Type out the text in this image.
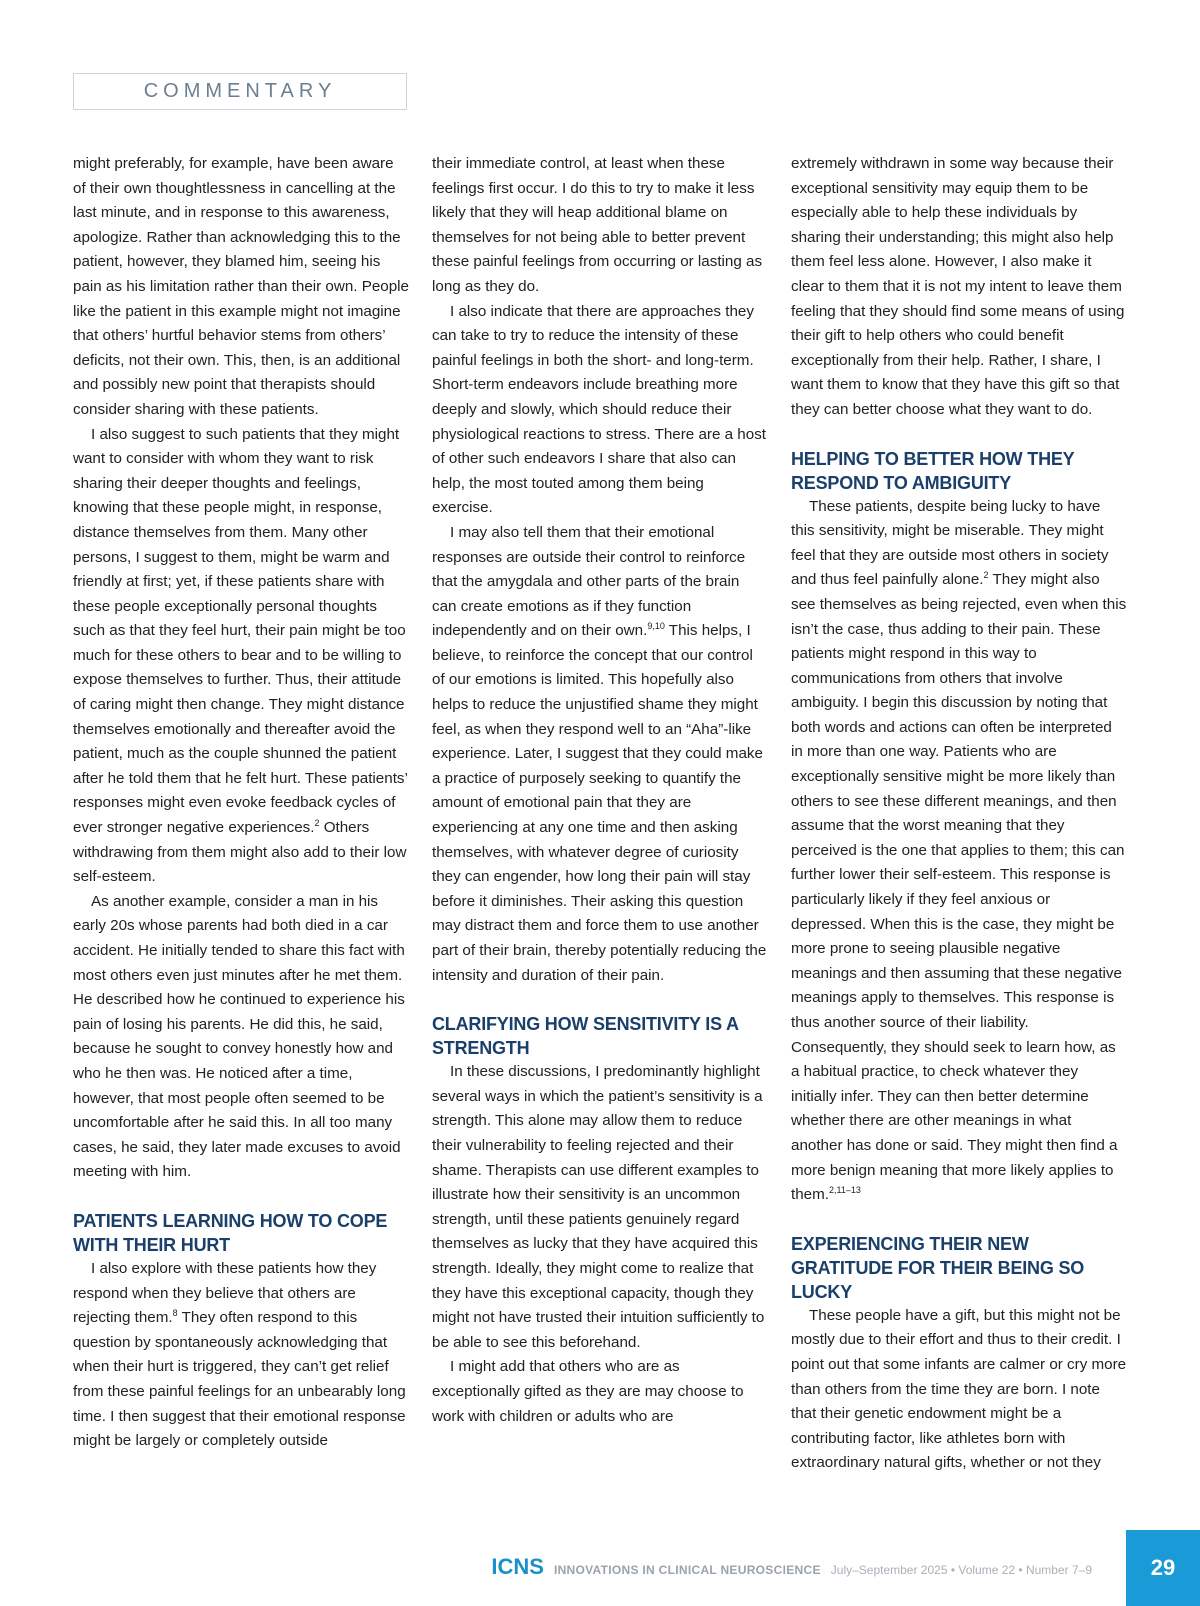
COMMENTARY

might preferably, for example, have been aware of their own thoughtlessness in cancelling at the last minute, and in response to this awareness, apologize. Rather than acknowledging this to the patient, however, they blamed him, seeing his pain as his limitation rather than their own. People like the patient in this example might not imagine that others’ hurtful behavior stems from others’ deficits, not their own. This, then, is an additional and possibly new point that therapists should consider sharing with these patients.

I also suggest to such patients that they might want to consider with whom they want to risk sharing their deeper thoughts and feelings, knowing that these people might, in response, distance themselves from them. Many other persons, I suggest to them, might be warm and friendly at first; yet, if these patients share with these people exceptionally personal thoughts such as that they feel hurt, their pain might be too much for these others to bear and to be willing to expose themselves to further. Thus, their attitude of caring might then change. They might distance themselves emotionally and thereafter avoid the patient, much as the couple shunned the patient after he told them that he felt hurt. These patients’ responses might even evoke feedback cycles of ever stronger negative experiences.$^2$ Others withdrawing from them might also add to their low self-esteem.

As another example, consider a man in his early 20s whose parents had both died in a car accident. He initially tended to share this fact with most others even just minutes after he met them. He described how he continued to experience his pain of losing his parents. He did this, he said, because he sought to convey honestly how and who he then was. He noticed after a time, however, that most people often seemed to be uncomfortable after he said this. In all too many cases, he said, they later made excuses to avoid meeting with him.

PATIENTS LEARNING HOW TO COPE WITH THEIR HURT

I also explore with these patients how they respond when they believe that others are rejecting them.$^8$ They often respond to this question by spontaneously acknowledging that when their hurt is triggered, they can’t get relief from these painful feelings for an unbearably long time. I then suggest that their emotional response might be largely or completely outside

their immediate control, at least when these feelings first occur. I do this to try to make it less likely that they will heap additional blame on themselves for not being able to better prevent these painful feelings from occurring or lasting as long as they do.

I also indicate that there are approaches they can take to try to reduce the intensity of these painful feelings in both the short- and long-term. Short-term endeavors include breathing more deeply and slowly, which should reduce their physiological reactions to stress. There are a host of other such endeavors I share that also can help, the most touted among them being exercise.

I may also tell them that their emotional responses are outside their control to reinforce that the amygdala and other parts of the brain can create emotions as if they function independently and on their own.$^{9,10}$ This helps, I believe, to reinforce the concept that our control of our emotions is limited. This hopefully also helps to reduce the unjustified shame they might feel, as when they respond well to an “Aha”-like experience. Later, I suggest that they could make a practice of purposely seeking to quantify the amount of emotional pain that they are experiencing at any one time and then asking themselves, with whatever degree of curiosity they can engender, how long their pain will stay before it diminishes. Their asking this question may distract them and force them to use another part of their brain, thereby potentially reducing the intensity and duration of their pain.

CLARIFYING HOW SENSITIVITY IS A STRENGTH

In these discussions, I predominantly highlight several ways in which the patient’s sensitivity is a strength. This alone may allow them to reduce their vulnerability to feeling rejected and their shame. Therapists can use different examples to illustrate how their sensitivity is an uncommon strength, until these patients genuinely regard themselves as lucky that they have acquired this strength. Ideally, they might come to realize that they have this exceptional capacity, though they might not have trusted their intuition sufficiently to be able to see this beforehand.

I might add that others who are as exceptionally gifted as they are may choose to work with children or adults who are

extremely withdrawn in some way because their exceptional sensitivity may equip them to be especially able to help these individuals by sharing their understanding; this might also help them feel less alone. However, I also make it clear to them that it is not my intent to leave them feeling that they should find some means of using their gift to help others who could benefit exceptionally from their help. Rather, I share, I want them to know that they have this gift so that they can better choose what they want to do.

HELPING TO BETTER HOW THEY RESPOND TO AMBIGUITY

These patients, despite being lucky to have this sensitivity, might be miserable. They might feel that they are outside most others in society and thus feel painfully alone.$^2$ They might also see themselves as being rejected, even when this isn’t the case, thus adding to their pain. These patients might respond in this way to communications from others that involve ambiguity. I begin this discussion by noting that both words and actions can often be interpreted in more than one way. Patients who are exceptionally sensitive might be more likely than others to see these different meanings, and then assume that the worst meaning that they perceived is the one that applies to them; this can further lower their self-esteem. This response is particularly likely if they feel anxious or depressed. When this is the case, they might be more prone to seeing plausible negative meanings and then assuming that these negative meanings apply to themselves. This response is thus another source of their liability. Consequently, they should seek to learn how, as a habitual practice, to check whatever they initially infer. They can then better determine whether there are other meanings in what another has done or said. They might then find a more benign meaning that more likely applies to them.$^{2,11-13}$

EXPERIENCING THEIR NEW GRATITUDE FOR THEIR BEING SO LUCKY

These people have a gift, but this might not be mostly due to their effort and thus to their credit. I point out that some infants are calmer or cry more than others from the time they are born. I note that their genetic endowment might be a contributing factor, like athletes born with extraordinary natural gifts, whether or not they

ICNS INNOVATIONS IN CLINICAL NEUROSCIENCE July–September 2025 • Volume 22 • Number 7–9	29
